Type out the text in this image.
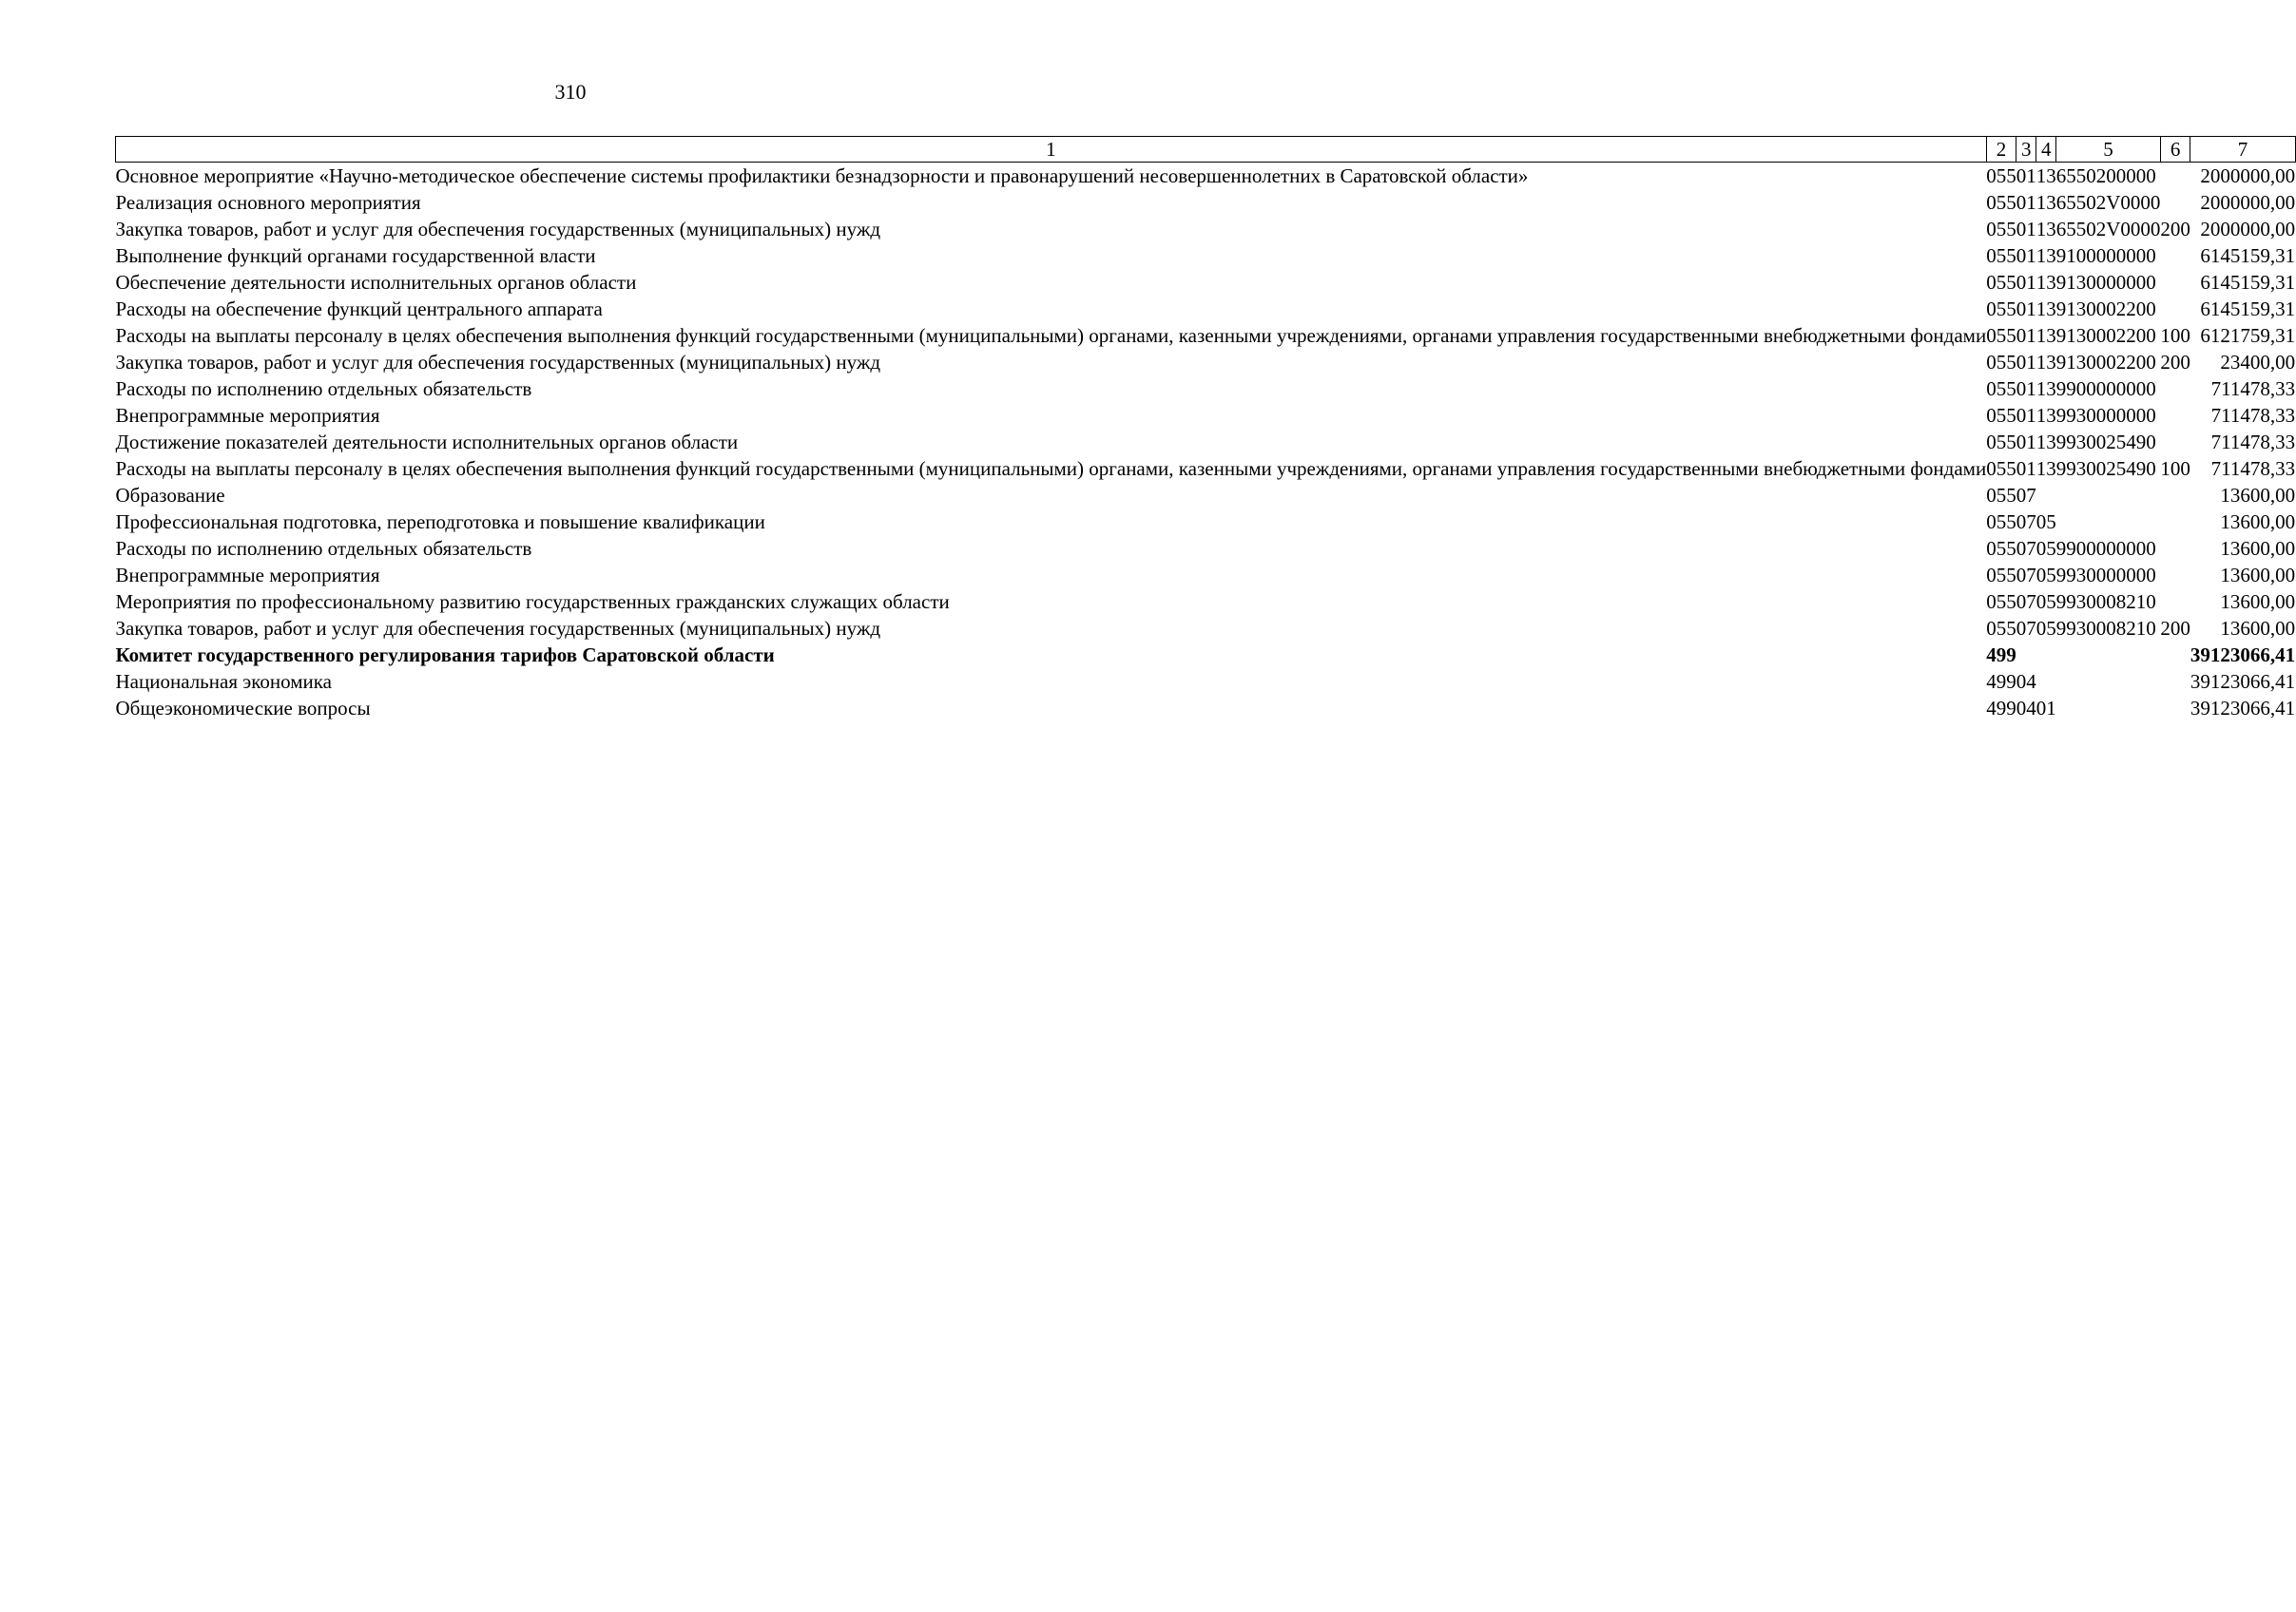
310
1	2	3	4	5	6	7
Основное мероприятие «Научно-методическое обеспечение системы профилактики безнадзорности и правонарушений несовершеннолетних в Саратовской области»	055	01	13	6550200000		2000000,00
Реализация основного мероприятия	055	01	13	65502V0000		2000000,00
Закупка товаров, работ и услуг для обеспечения государственных (муниципальных) нужд	055	01	13	65502V0000	200	2000000,00
Выполнение функций органами государственной власти	055	01	13	9100000000		6145159,31
Обеспечение деятельности исполнительных органов области	055	01	13	9130000000		6145159,31
Расходы на обеспечение функций центрального аппарата	055	01	13	9130002200		6145159,31
Расходы на выплаты персоналу в целях обеспечения выполнения функций государственными (муниципальными) органами, казенными учреждениями, органами управления государственными внебюджетными фондами	055	01	13	9130002200	100	6121759,31
Закупка товаров, работ и услуг для обеспечения государственных (муниципальных) нужд	055	01	13	9130002200	200	23400,00
Расходы по исполнению отдельных обязательств	055	01	13	9900000000		711478,33
Внепрограммные мероприятия	055	01	13	9930000000		711478,33
Достижение показателей деятельности исполнительных органов области	055	01	13	9930025490		711478,33
Расходы на выплаты персоналу в целях обеспечения выполнения функций государственными (муниципальными) органами, казенными учреждениями, органами управления государственными внебюджетными фондами	055	01	13	9930025490	100	711478,33
Образование	055	07				13600,00
Профессиональная подготовка, переподготовка и повышение квалификации	055	07	05			13600,00
Расходы по исполнению отдельных обязательств	055	07	05	9900000000		13600,00
Внепрограммные мероприятия	055	07	05	9930000000		13600,00
Мероприятия по профессиональному развитию государственных гражданских служащих области	055	07	05	9930008210		13600,00
Закупка товаров, работ и услуг для обеспечения государственных (муниципальных) нужд	055	07	05	9930008210	200	13600,00
Комитет государственного регулирования тарифов Саратовской области	499					39123066,41
Национальная экономика	499	04				39123066,41
Общеэкономические вопросы	499	04	01			39123066,41
